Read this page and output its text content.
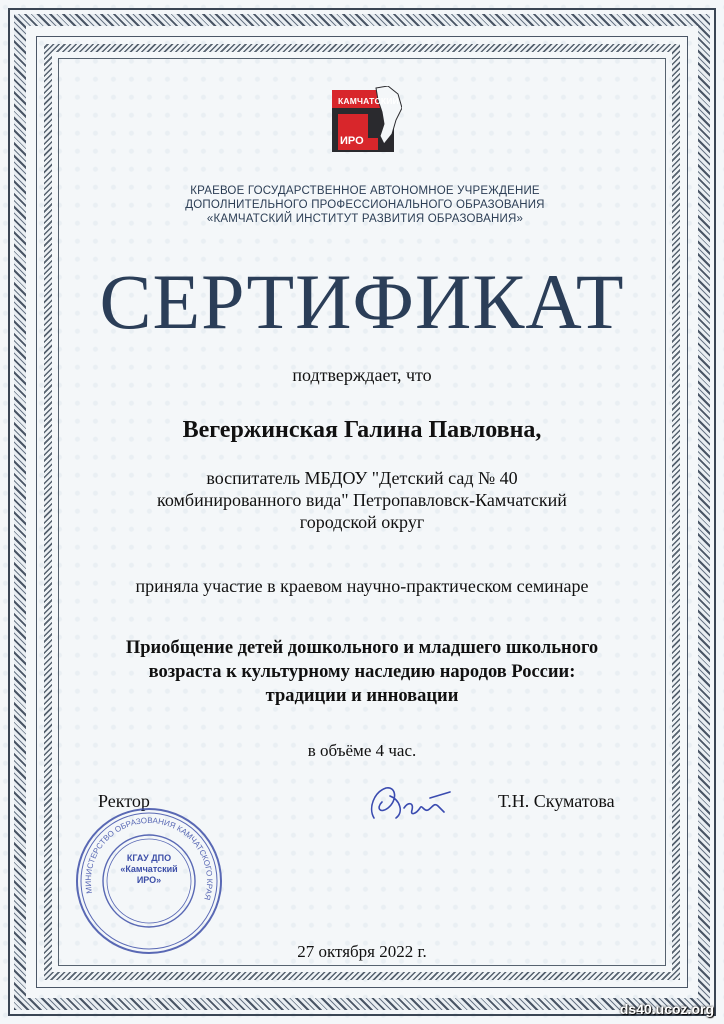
КАМЧАТСКИЙ
ИРО
КРАЕВОЕ ГОСУДАРСТВЕННОЕ АВТОНОМНОЕ УЧРЕЖДЕНИЕ
ДОПОЛНИТЕЛЬНОГО ПРОФЕССИОНАЛЬНОГО ОБРАЗОВАНИЯ
«КАМЧАТСКИЙ ИНСТИТУТ РАЗВИТИЯ ОБРАЗОВАНИЯ»
СЕРТИФИКАТ
подтверждает, что
Вегержинская Галина Павловна,
воспитатель МБДОУ "Детский сад № 40
комбинированного вида" Петропавловск-Камчатский
городской округ
приняла участие в краевом научно-практическом семинаре
Приобщение детей дошкольного и младшего школьного
возраста к культурному наследию народов России:
традиции и инновации
в объёме 4 час.
Ректор	Т.Н. Скуматова
МИНИСТЕРСТВО ОБРАЗОВАНИЯ КАМЧАТСКОГО КРАЯ
КГАУ ДПО
«Камчатский
ИРО»
27 октября 2022 г.
ds40.ucoz.org
